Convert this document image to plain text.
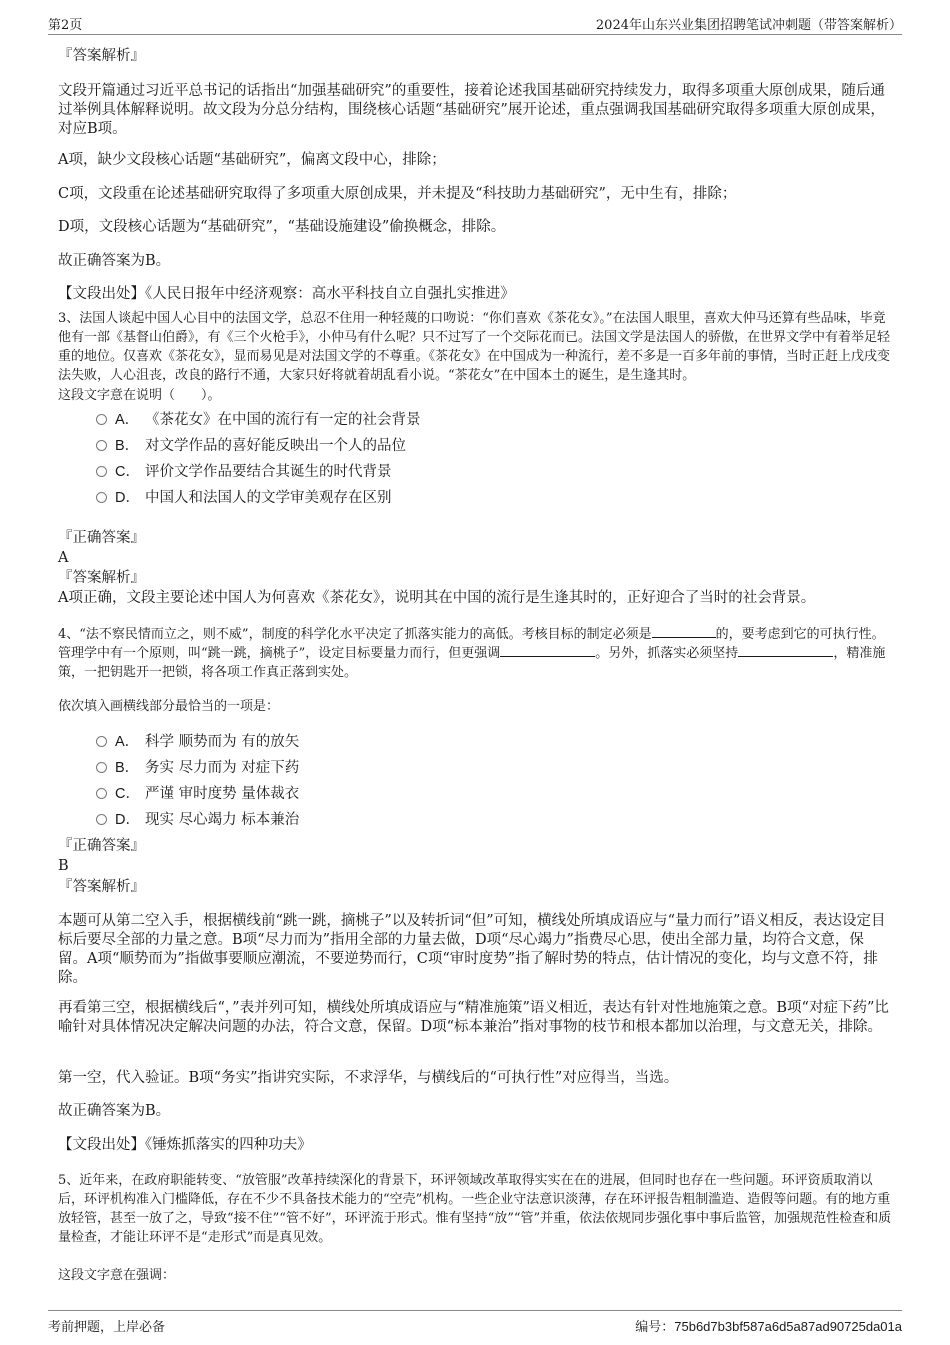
第2页	2024年山东兴业集团招聘笔试冲刺题（带答案解析）
『答案解析』
文段开篇通过习近平总书记的话指出“加强基础研究”的重要性，接着论述我国基础研究持续发力，取得多项重大原创成果，随后通过举例具体解释说明。故文段为分总分结构，围绕核心话题“基础研究”展开论述，重点强调我国基础研究取得多项重大原创成果，对应B项。
A项，缺少文段核心话题“基础研究”，偏离文段中心，排除；
C项，文段重在论述基础研究取得了多项重大原创成果，并未提及“科技助力基础研究”，无中生有，排除；
D项，文段核心话题为“基础研究”，“基础设施建设”偷换概念，排除。
故正确答案为B。
【文段出处】《人民日报年中经济观察：高水平科技自立自强扎实推进》
3、法国人谈起中国人心目中的法国文学，总忍不住用一种轻蔑的口吻说：“你们喜欢《茶花女》。”在法国人眼里，喜欢大仲马还算有些品味，毕竟他有一部《基督山伯爵》，有《三个火枪手》，小仲马有什么呢？只不过写了一个交际花而已。法国文学是法国人的骄傲，在世界文学中有着举足轻重的地位。仅喜欢《茶花女》，显而易见是对法国文学的不尊重。《茶花女》在中国成为一种流行，差不多是一百多年前的事情，当时正赶上戊戌变法失败，人心沮丧，改良的路行不通，大家只好将就着胡乱看小说。“茶花女”在中国本土的诞生，是生逢其时。
这段文字意在说明（　　）。
A． 《茶花女》在中国的流行有一定的社会背景
B． 对文学作品的喜好能反映出一个人的品位
C． 评价文学作品要结合其诞生的时代背景
D． 中国人和法国人的文学审美观存在区别
『正确答案』
A
『答案解析』
A项正确，文段主要论述中国人为何喜欢《茶花女》，说明其在中国的流行是生逢其时的，正好迎合了当时的社会背景。
4、“法不察民情而立之，则不威”，制度的科学化水平决定了抓落实能力的高低。考核目标的制定必须是	的，要考虑到它的可执行性。管理学中有一个原则，叫“跳一跳，摘桃子”，设定目标要量力而行，但更强调	。另外，抓落实必须坚持	，精准施策，一把钥匙开一把锁，将各项工作真正落到实处。
依次填入画横线部分最恰当的一项是：
A． 科学 顺势而为 有的放矢
B． 务实 尽力而为 对症下药
C． 严谨 审时度势 量体裁衣
D． 现实 尽心竭力 标本兼治
『正确答案』
B
『答案解析』
本题可从第二空入手，根据横线前“跳一跳，摘桃子”以及转折词“但”可知，横线处所填成语应与“量力而行”语义相反，表达设定目标后要尽全部的力量之意。B项“尽力而为”指用全部的力量去做，D项“尽心竭力”指费尽心思，使出全部力量，均符合文意，保留。A项“顺势而为”指做事要顺应潮流，不要逆势而行，C项“审时度势”指了解时势的特点，估计情况的变化，均与文意不符，排除。
再看第三空，根据横线后“，”表并列可知，横线处所填成语应与“精准施策”语义相近，表达有针对性地施策之意。B项“对症下药”比喻针对具体情况决定解决问题的办法，符合文意，保留。D项“标本兼治”指对事物的枝节和根本都加以治理，与文意无关，排除。
第一空，代入验证。B项“务实”指讲究实际，不求浮华，与横线后的“可执行性”对应得当，当选。
故正确答案为B。
【文段出处】《锤炼抓落实的四种功夫》
5、近年来，在政府职能转变、“放管服”改革持续深化的背景下，环评领域改革取得实实在在的进展，但同时也存在一些问题。环评资质取消以后，环评机构准入门槛降低，存在不少不具备技术能力的“空壳”机构。一些企业守法意识淡薄，存在环评报告粗制滥造、造假等问题。有的地方重放轻管，甚至一放了之，导致“接不住”“管不好”，环评流于形式。惟有坚持“放”“管”并重，依法依规同步强化事中事后监管，加强规范性检查和质量检查，才能让环评不是“走形式”而是真见效。
这段文字意在强调：
考前押题，上岸必备	编号：75b6d7b3bf587a6d5a87ad90725da01a
